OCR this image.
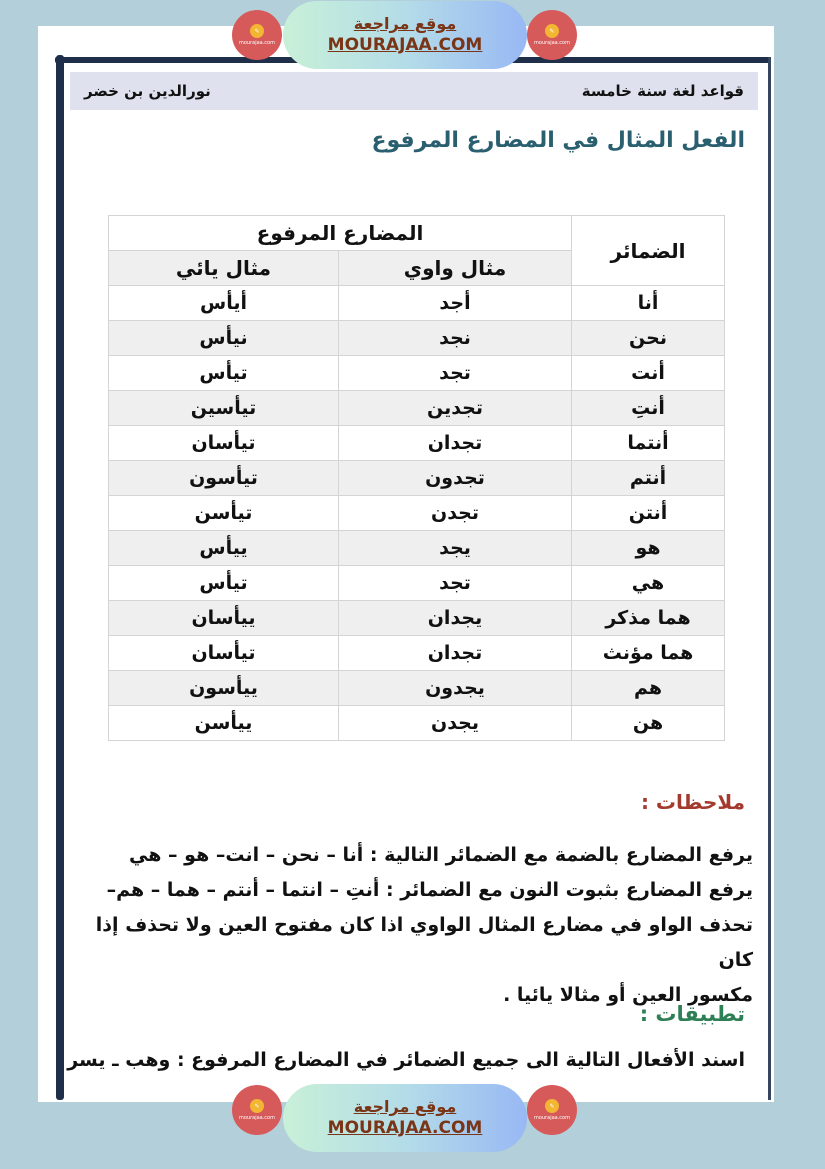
✎
mourajaa.com
موقع مراجعة
MOURAJAA.COM
✎
mourajaa.com
قواعد لغة سنة خامسة
نورالدين بن خضر
الفعل المثال في المضارع المرفوع
الضمائر	المضارع المرفوع	
	مثال واوي	مثال يائي
أنا	أجد	أيأس
نحن	نجد	نيأس
أنت	تجد	تيأس
أنتِ	تجدين	تيأسين
أنتما	تجدان	تيأسان
أنتم	تجدون	تيأسون
أنتن	تجدن	تيأسن
هو	يجد	ييأس
هي	تجد	تيأس
هما مذكر	يجدان	ييأسان
هما مؤنث	تجدان	تيأسان
هم	يجدون	ييأسون
هن	يجدن	ييأسن
ملاحظات :

يرفع المضارع بالضمة مع الضمائر التالية : أنا – نحن – انت– هو – هي

يرفع المضارع بثبوت النون مع الضمائر : أنتِ – انتما – أنتم – هما – هم–

تحذف الواو في مضارع المثال الواوي اذا كان مفتوح العين ولا تحذف إذا كان

مكسور العين أو مثالا يائيا .

تطبيقات :
اسند الأفعال التالية الى جميع الضمائر في المضارع المرفوع : وهب ـ يسر
✎
mourajaa.com
موقع مراجعة
MOURAJAA.COM
✎
mourajaa.com
